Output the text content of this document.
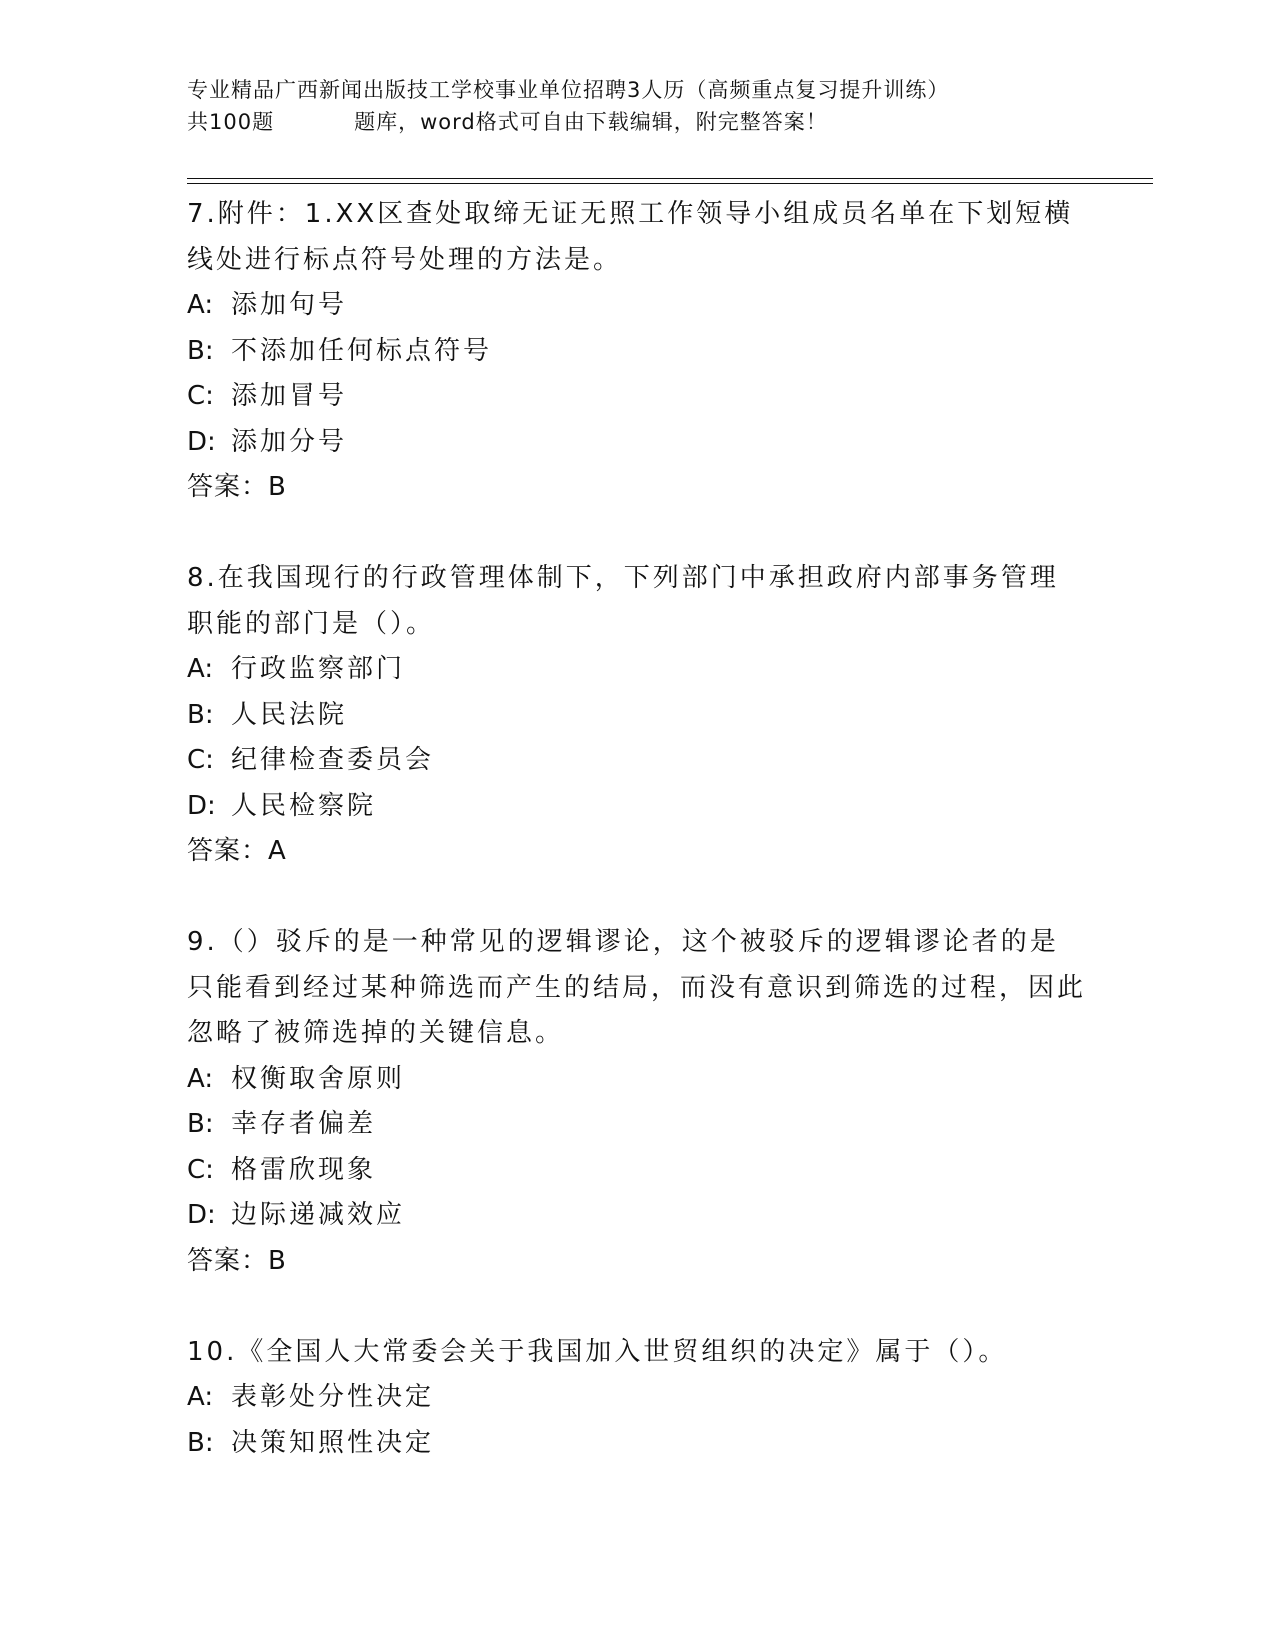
专业精品广西新闻出版技工学校事业单位招聘3人历（高频重点复习提升训练）
共100题	题库，word格式可自由下载编辑，附完整答案！
7.附件：1.XX区查处取缔无证无照工作领导小组成员名单在下划短横线处进行标点符号处理的方法是。
A: 添加句号
B: 不添加任何标点符号
C: 添加冒号
D: 添加分号
答案：B
8.在我国现行的行政管理体制下，下列部门中承担政府内部事务管理职能的部门是（）。
A: 行政监察部门
B: 人民法院
C: 纪律检查委员会
D: 人民检察院
答案：A
9.（）驳斥的是一种常见的逻辑谬论，这个被驳斥的逻辑谬论者的是只能看到经过某种筛选而产生的结局，而没有意识到筛选的过程，因此忽略了被筛选掉的关键信息。
A: 权衡取舍原则
B: 幸存者偏差
C: 格雷欣现象
D: 边际递减效应
答案：B
10.《全国人大常委会关于我国加入世贸组织的决定》属于（）。
A: 表彰处分性决定
B: 决策知照性决定
